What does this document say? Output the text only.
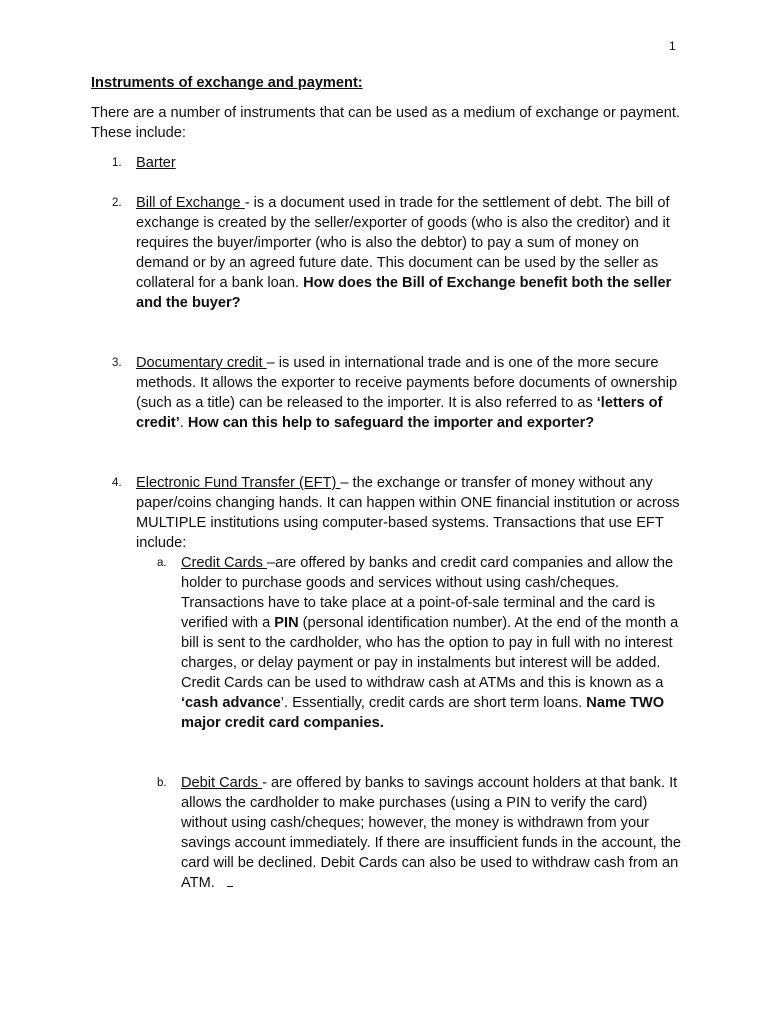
1
Instruments of exchange and payment:

There are a number of instruments that can be used as a medium of exchange or payment. These include:

1. Barter
2. Bill of Exchange - is a document used in trade for the settlement of debt. The bill of exchange is created by the seller/exporter of goods (who is also the creditor) and it requires the buyer/importer (who is also the debtor) to pay a sum of money on demand or by an agreed future date. This document can be used by the seller as collateral for a bank loan. How does the Bill of Exchange benefit both the seller and the buyer?

3. Documentary credit – is used in international trade and is one of the more secure methods. It allows the exporter to receive payments before documents of ownership (such as a title) can be released to the importer. It is also referred to as ‘letters of credit’. How can this help to safeguard the importer and exporter?

4. Electronic Fund Transfer (EFT) – the exchange or transfer of money without any paper/coins changing hands. It can happen within ONE financial institution or across MULTIPLE institutions using computer-based systems. Transactions that use EFT include:

a. Credit Cards –are offered by banks and credit card companies and allow the holder to purchase goods and services without using cash/cheques. Transactions have to take place at a point-of-sale terminal and the card is verified with a PIN (personal identification number). At the end of the month a bill is sent to the cardholder, who has the option to pay in full with no interest charges, or delay payment or pay in instalments but interest will be added. Credit Cards can be used to withdraw cash at ATMs and this is known as a ‘cash advance’. Essentially, credit cards are short term loans. Name TWO major credit card companies.

b. Debit Cards - are offered by banks to savings account holders at that bank. It allows the cardholder to make purchases (using a PIN to verify the card) without using cash/cheques; however, the money is withdrawn from your savings account immediately. If there are insufficient funds in the account, the card will be declined. Debit Cards can also be used to withdraw cash from an ATM.
